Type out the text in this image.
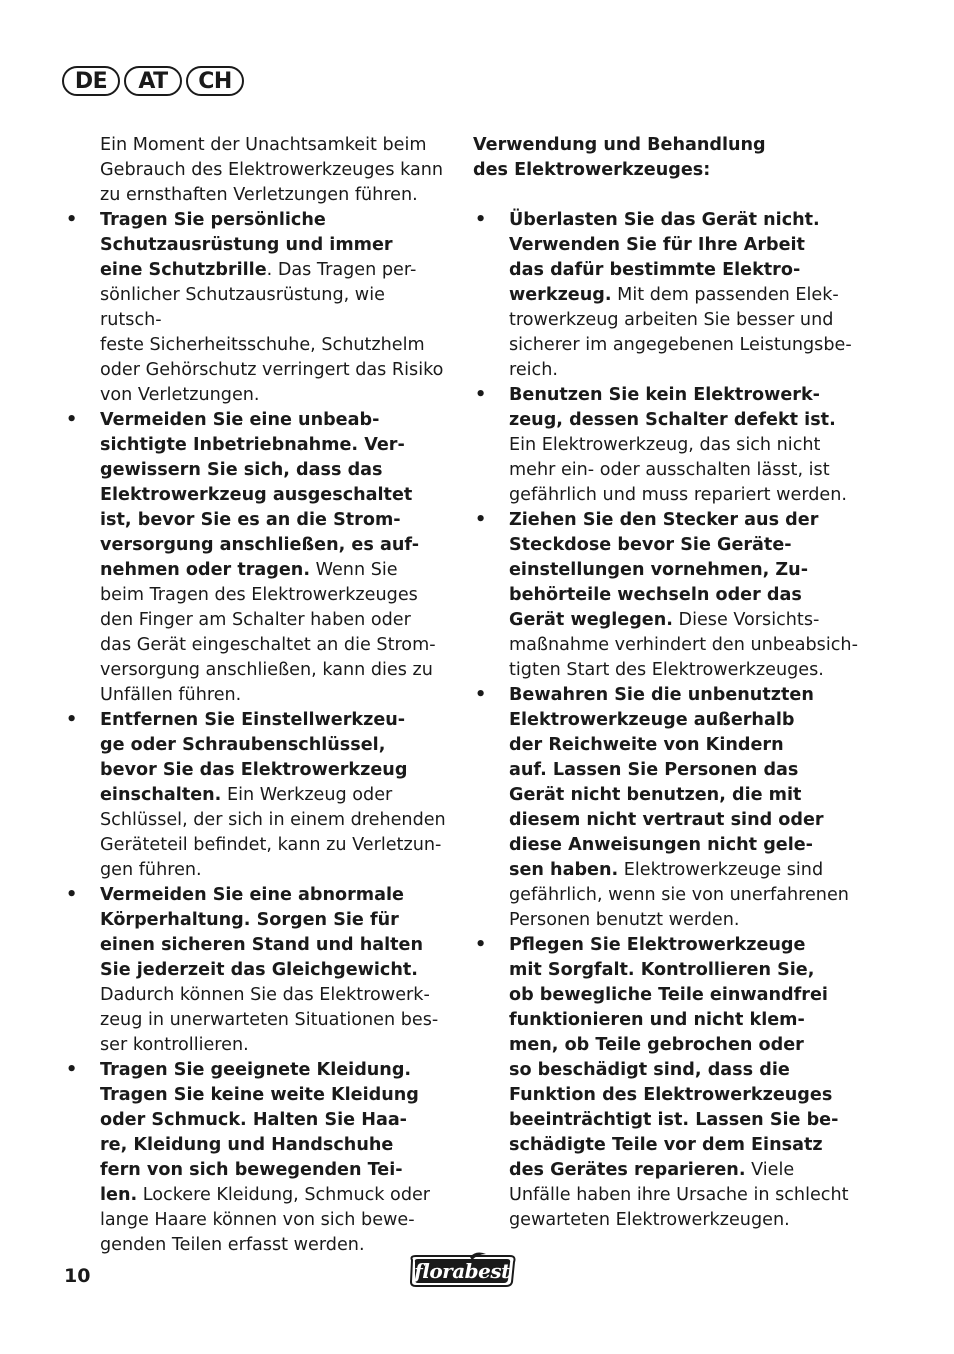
DE	AT	CH

Ein Moment der Unachtsamkeit beim
Gebrauch des Elektrowerkzeuges kann
zu ernsthaften Verletzungen führen.

• Tragen Sie persönliche
Schutzausrüstung und immer
eine Schutzbrille. Das Tragen per-
sönlicher Schutzausrüstung, wie rutsch-
feste Sicherheitsschuhe, Schutzhelm
oder Gehörschutz verringert das Risiko
von Verletzungen.
• Vermeiden Sie eine unbeab-
sichtigte Inbetriebnahme. Ver-
gewissern Sie sich, dass das
Elektrowerkzeug ausgeschaltet
ist, bevor Sie es an die Strom-
versorgung anschließen, es auf-
nehmen oder tragen. Wenn Sie
beim Tragen des Elektrowerkzeuges
den Finger am Schalter haben oder
das Gerät eingeschaltet an die Strom-
versorgung anschließen, kann dies zu
Unfällen führen.
• Entfernen Sie Einstellwerkzeu-
ge oder Schraubenschlüssel,
bevor Sie das Elektrowerkzeug
einschalten. Ein Werkzeug oder
Schlüssel, der sich in einem drehenden
Geräteteil befindet, kann zu Verletzun-
gen führen.
• Vermeiden Sie eine abnormale
Körperhaltung. Sorgen Sie für
einen sicheren Stand und halten
Sie jederzeit das Gleichgewicht.
Dadurch können Sie das Elektrowerk-
zeug in unerwarteten Situationen bes-
ser kontrollieren.
• Tragen Sie geeignete Kleidung.
Tragen Sie keine weite Kleidung
oder Schmuck. Halten Sie Haa-
re, Kleidung und Handschuhe
fern von sich bewegenden Tei-
len. Lockere Kleidung, Schmuck oder
lange Haare können von sich bewe-
genden Teilen erfasst werden.

Verwendung und Behandlung
des Elektrowerkzeuges:

• Überlasten Sie das Gerät nicht.
Verwenden Sie für Ihre Arbeit
das dafür bestimmte Elektro-
werkzeug. Mit dem passenden Elek-
trowerkzeug arbeiten Sie besser und
sicherer im angegebenen Leistungsbe-
reich.
• Benutzen Sie kein Elektrowerk-
zeug, dessen Schalter defekt ist.
Ein Elektrowerkzeug, das sich nicht
mehr ein- oder ausschalten lässt, ist
gefährlich und muss repariert werden.
• Ziehen Sie den Stecker aus der
Steckdose bevor Sie Geräte-
einstellungen vornehmen, Zu-
behörteile wechseln oder das
Gerät weglegen. Diese Vorsichts-
maßnahme verhindert den unbeabsich-
tigten Start des Elektrowerkzeuges.
• Bewahren Sie die unbenutzten
Elektrowerkzeuge außerhalb
der Reichweite von Kindern
auf. Lassen Sie Personen das
Gerät nicht benutzen, die mit
diesem nicht vertraut sind oder
diese Anweisungen nicht gele-
sen haben. Elektrowerkzeuge sind
gefährlich, wenn sie von unerfahrenen
Personen benutzt werden.
• Pflegen Sie Elektrowerkzeuge
mit Sorgfalt. Kontrollieren Sie,
ob bewegliche Teile einwandfrei
funktionieren und nicht klem-
men, ob Teile gebrochen oder
so beschädigt sind, dass die
Funktion des Elektrowerkzeuges
beeinträchtigt ist. Lassen Sie be-
schädigte Teile vor dem Einsatz
des Gerätes reparieren. Viele
Unfälle haben ihre Ursache in schlecht
gewarteten Elektrowerkzeugen.
10	florabest
